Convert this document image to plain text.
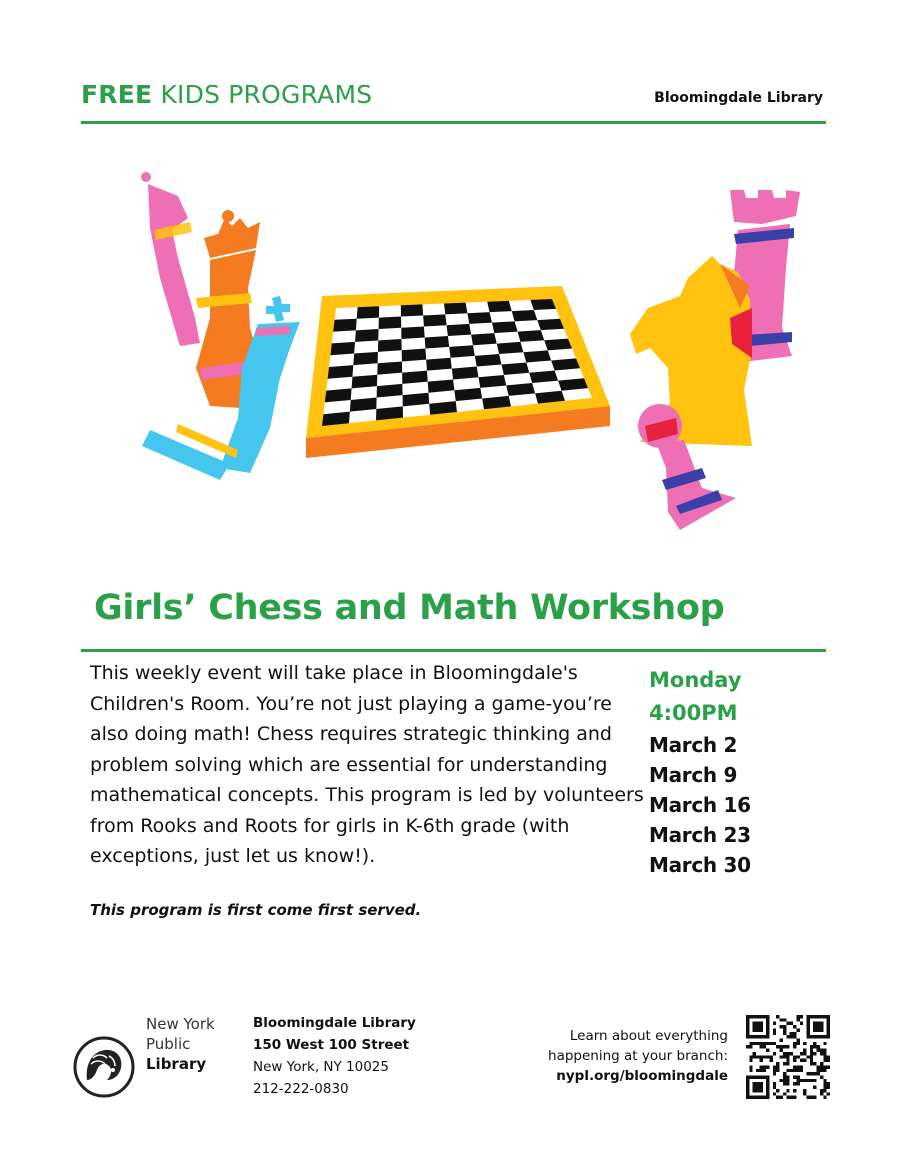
FREE KIDS PROGRAMS	Bloomingdale Library
Girls’ Chess and Math Workshop
This weekly event will take place in Bloomingdale's Children's Room. You’re not just playing a game-you’re also doing math! Chess requires strategic thinking and problem solving which are essential for understanding mathematical concepts. This program is led by volunteers from Rooks and Roots for girls in K-6th grade (with exceptions, just let us know!).
Monday
4:00PM
March 2
March 9
March 16
March 23
March 30
This program is first come first served.
New York
Public
Library
Bloomingdale Library
150 West 100 Street
New York, NY 10025
212-222-0830
Learn about everything
happening at your branch:
nypl.org/bloomingdale
